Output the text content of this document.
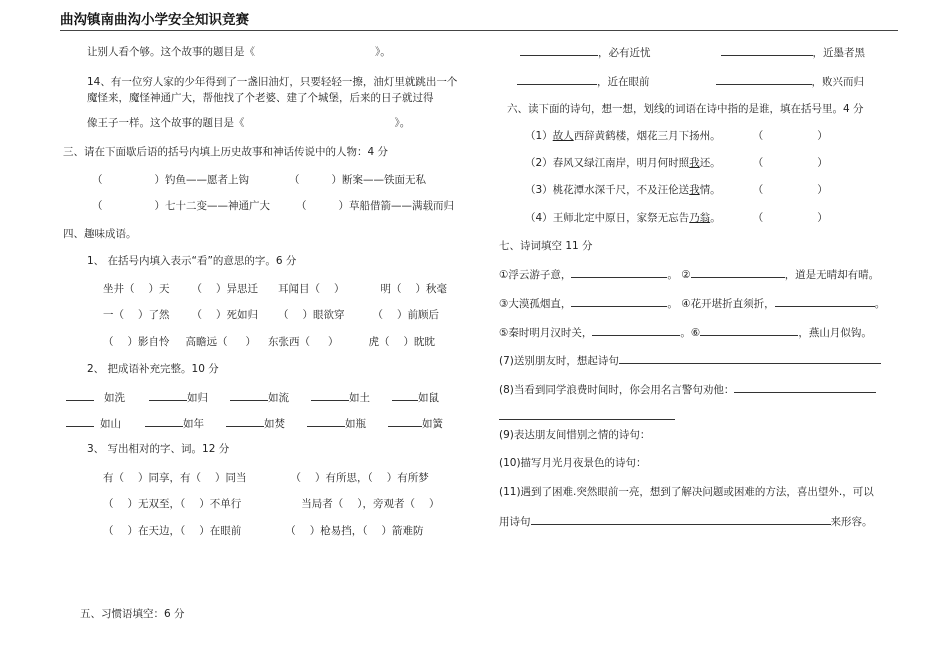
曲沟镇南曲沟小学安全知识竞赛
让别人看个够。这个故事的题目是《	》。
14、有一位穷人家的少年得到了一盏旧油灯，只要轻轻一擦，油灯里就跳出一个
魔怪来，魔怪神通广大，帮他找了个老婆、建了个城堡，后来的日子就过得
像王子一样。这个故事的题目是《	》。
三、请在下面歇后语的括号内填上历史故事和神话传说中的人物：4 分
（	）钓鱼——愿者上钩	（	）断案——铁面无私
（	）七十二变——神通广大 （	）草船借箭——满载而归
四、趣味成语。
1、 在括号内填入表示“看”的意思的字。6 分
坐井（ ）天 （ ）异思迁 耳闻目（ ）	明（ ）秋毫
一（ ）了然 （ ）死如归 （ ）眼欲穿	（ ）前顾后
（ ）影自怜 高瞻远（ ） 东张西（ ）	虎（ ）眈眈
2、 把成语补充完整。10 分
如洗	如归	如流	如土	如鼠
如山	如年	如焚	如瓶	如簧
3、 写出相对的字、词。12 分
有（ ）同享，有（ ）同当	（ ）有所思，（ ）有所梦
（ ）无双至，（ ）不单行	当局者（ ），旁观者（ ）
（ ）在天边，（ ）在眼前	（ ）枪易挡，（ ）箭难防
五、习惯语填空：6 分
，必有近忧	，近墨者黑
，近在眼前	，败兴而归
六、读下面的诗句，想一想，划线的词语在诗中指的是谁，填在括号里。4 分
（1）故人西辞黄鹤楼，烟花三月下扬州。	（	）
（2）春风又绿江南岸，明月何时照我还。	（	）
（3）桃花潭水深千尺，不及汪伦送我情。	（	）
（4）王师北定中原日，家祭无忘告乃翁。	（	）
七、诗词填空 11 分
①浮云游子意，	。 ②	，道是无晴却有晴。
③大漠孤烟直，	。 ④花开堪折直须折，	。
⑤秦时明月汉时关，	。⑥	，燕山月似钩。
(7)送别朋友时，想起诗句
(8)当看到同学浪费时间时，你会用名言警句劝他：
(9)表达朋友间惜别之情的诗句：
(10)描写月光月夜景色的诗句：
(11)遇到了困难.突然眼前一亮，想到了解决问题或困难的方法，喜出望外.，可以
用诗句	来形容。
